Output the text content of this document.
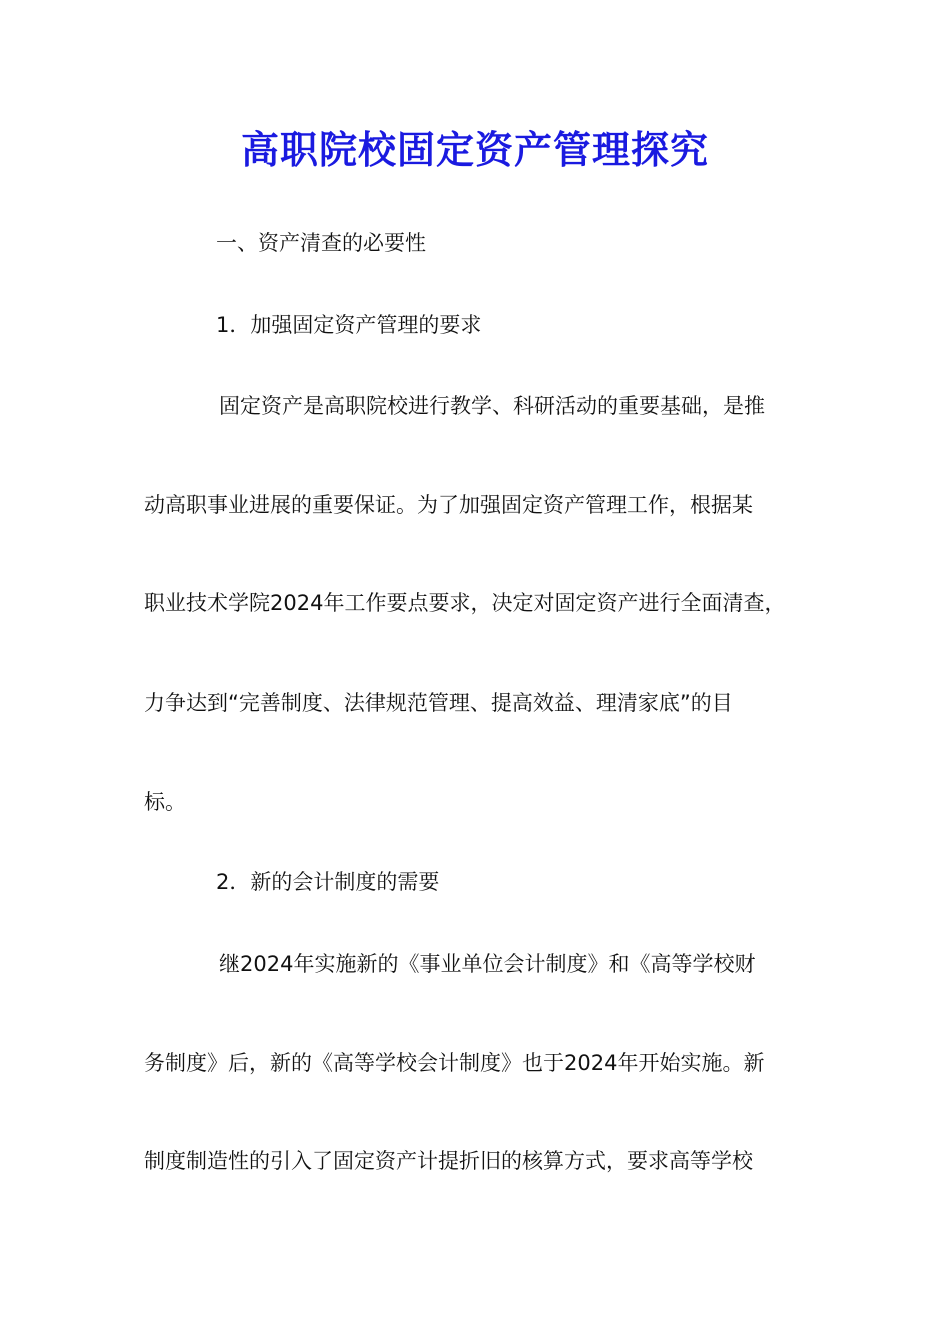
高职院校固定资产管理探究

一、资产清查的必要性

1．加强固定资产管理的要求

固定资产是高职院校进行教学、科研活动的重要基础，是推

动高职事业进展的重要保证。为了加强固定资产管理工作，根据某

职业技术学院2024年工作要点要求，决定对固定资产进行全面清查，

力争达到“完善制度、法律规范管理、提高效益、理清家底”的目

标。

2．新的会计制度的需要

继2024年实施新的《事业单位会计制度》和《高等学校财

务制度》后，新的《高等学校会计制度》也于2024年开始实施。新

制度制造性的引入了固定资产计提折旧的核算方式，要求高等学校
